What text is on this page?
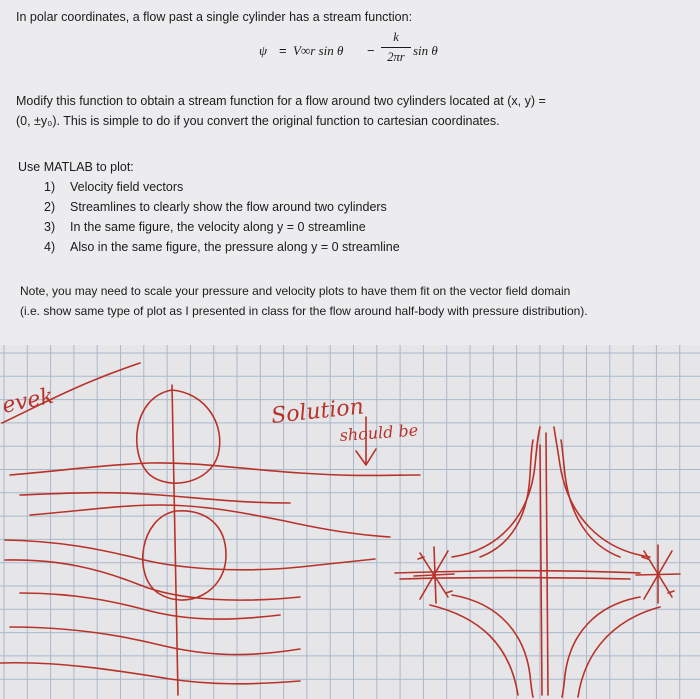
In polar coordinates, a flow past a single cylinder has a stream function:
ψ = V∞r sin θ −
k
2πr sin θ
Modify this function to obtain a stream function for a flow around two cylinders located at (x, y) =
(0, ±y₀). This is simple to do if you convert the original function to cartesian coordinates.
Use MATLAB to plot:
1) Velocity field vectors
2) Streamlines to clearly show the flow around two cylinders
3) In the same figure, the velocity along y = 0 streamline
4) Also in the same figure, the pressure along y = 0 streamline
Note, you may need to scale your pressure and velocity plots to have them fit on the vector field domain
(i.e. show same type of plot as I presented in class for the flow around half-body with pressure distribution).
evek	Solution
should be
